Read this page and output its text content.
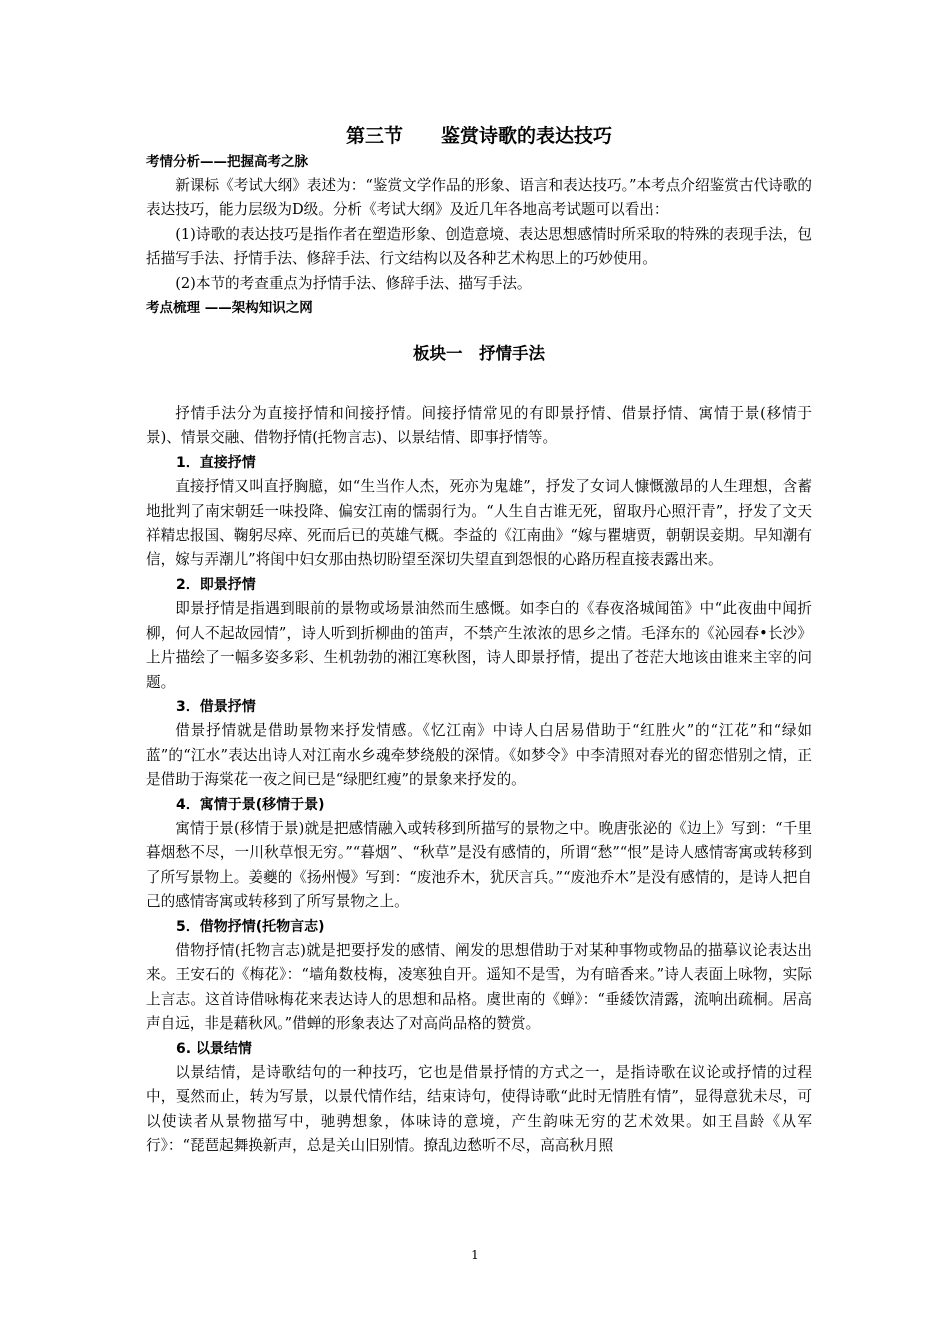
第三节　　鉴赏诗歌的表达技巧
考情分析——把握高考之脉

新课标《考试大纲》表述为：“鉴赏文学作品的形象、语言和表达技巧。”本考点介绍鉴赏古代诗歌的表达技巧，能力层级为D级。分析《考试大纲》及近几年各地高考试题可以看出：

(1)诗歌的表达技巧是指作者在塑造形象、创造意境、表达思想感情时所采取的特殊的表现手法，包括描写手法、抒情手法、修辞手法、行文结构以及各种艺术构思上的巧妙使用。

(2)本节的考查重点为抒情手法、修辞手法、描写手法。

考点梳理 ——架构知识之网
板块一　抒情手法

抒情手法分为直接抒情和间接抒情。间接抒情常见的有即景抒情、借景抒情、寓情于景(移情于景)、情景交融、借物抒情(托物言志)、以景结情、即事抒情等。

1．直接抒情

直接抒情又叫直抒胸臆，如“生当作人杰，死亦为鬼雄”，抒发了女词人慷慨激昂的人生理想，含蓄地批判了南宋朝廷一味投降、偏安江南的懦弱行为。“人生自古谁无死，留取丹心照汗青”，抒发了文天祥精忠报国、鞠躬尽瘁、死而后已的英雄气概。李益的《江南曲》“嫁与瞿塘贾，朝朝误妾期。早知潮有信，嫁与弄潮儿”将闺中妇女那由热切盼望至深切失望直到怨恨的心路历程直接表露出来。

2．即景抒情

即景抒情是指遇到眼前的景物或场景油然而生感慨。如李白的《春夜洛城闻笛》中“此夜曲中闻折柳，何人不起故园情”，诗人听到折柳曲的笛声，不禁产生浓浓的思乡之情。毛泽东的《沁园春•长沙》上片描绘了一幅多姿多彩、生机勃勃的湘江寒秋图，诗人即景抒情，提出了苍茫大地该由谁来主宰的问题。

3．借景抒情

借景抒情就是借助景物来抒发情感。《忆江南》中诗人白居易借助于“红胜火”的“江花”和“绿如蓝”的“江水”表达出诗人对江南水乡魂牵梦绕般的深情。《如梦令》中李清照对春光的留恋惜别之情，正是借助于海棠花一夜之间已是“绿肥红瘦”的景象来抒发的。

4．寓情于景(移情于景)

寓情于景(移情于景)就是把感情融入或转移到所描写的景物之中。晚唐张泌的《边上》写到：“千里暮烟愁不尽，一川秋草恨无穷。”“暮烟”、“秋草”是没有感情的，所谓“愁”“恨”是诗人感情寄寓或转移到了所写景物上。姜夔的《扬州慢》写到：“废池乔木，犹厌言兵。”“废池乔木”是没有感情的，是诗人把自己的感情寄寓或转移到了所写景物之上。

5．借物抒情(托物言志)

借物抒情(托物言志)就是把要抒发的感情、阐发的思想借助于对某种事物或物品的描摹议论表达出来。王安石的《梅花》：“墙角数枝梅，凌寒独自开。遥知不是雪，为有暗香来。”诗人表面上咏物，实际上言志。这首诗借咏梅花来表达诗人的思想和品格。虞世南的《蝉》：“垂緌饮清露，流响出疏桐。居高声自远，非是藉秋风。”借蝉的形象表达了对高尚品格的赞赏。

6. 以景结情

以景结情，是诗歌结句的一种技巧，它也是借景抒情的方式之一，是指诗歌在议论或抒情的过程中，戛然而止，转为写景，以景代情作结，结束诗句，使得诗歌“此时无情胜有情”，显得意犹未尽，可以使读者从景物描写中，驰骋想象，体味诗的意境，产生韵味无穷的艺术效果。如王昌龄《从军行》：“琵琶起舞换新声，总是关山旧别情。撩乱边愁听不尽，高高秋月照

1
